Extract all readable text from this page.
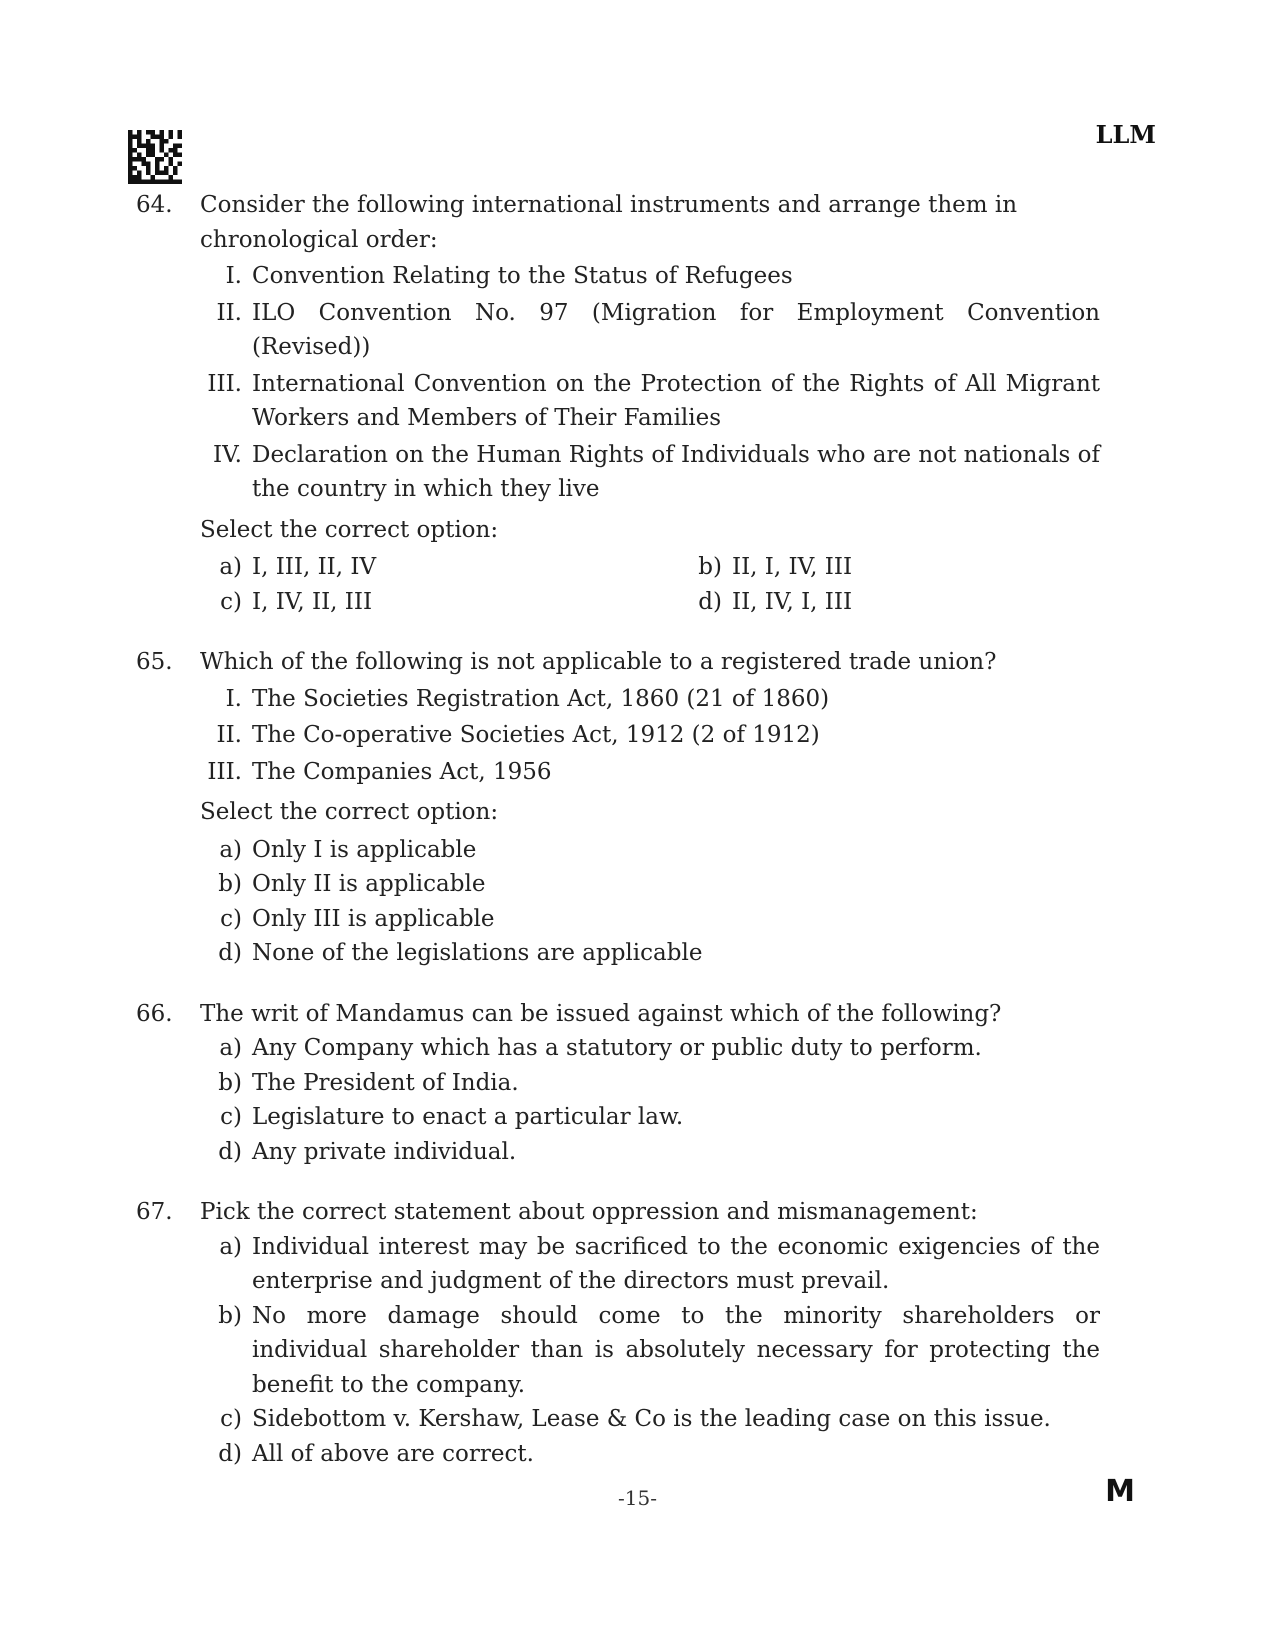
LLM
64.	Consider the following international instruments and arrange them in chronological order:
I. Convention Relating to the Status of Refugees
II. ILO Convention No. 97 (Migration for Employment Convention (Revised))
III. International Convention on the Protection of the Rights of All Migrant Workers and Members of Their Families
IV. Declaration on the Human Rights of Individuals who are not nationals of the country in which they live
Select the correct option:
a) I, III, II, IV	b) II, I, IV, III
c) I, IV, II, III	d) II, IV, I, III
65.	Which of the following is not applicable to a registered trade union?
I. The Societies Registration Act, 1860 (21 of 1860)
II. The Co-operative Societies Act, 1912 (2 of 1912)
III. The Companies Act, 1956
Select the correct option:
a) Only I is applicable
b) Only II is applicable
c) Only III is applicable
d) None of the legislations are applicable
66.	The writ of Mandamus can be issued against which of the following?
a) Any Company which has a statutory or public duty to perform.
b) The President of India.
c) Legislature to enact a particular law.
d) Any private individual.
67.	Pick the correct statement about oppression and mismanagement:
a) Individual interest may be sacrificed to the economic exigencies of the enterprise and judgment of the directors must prevail.
b) No more damage should come to the minority shareholders or individual shareholder than is absolutely necessary for protecting the benefit to the company.
c) Sidebottom v. Kershaw, Lease & Co is the leading case on this issue.
d) All of above are correct.
-15-	M
